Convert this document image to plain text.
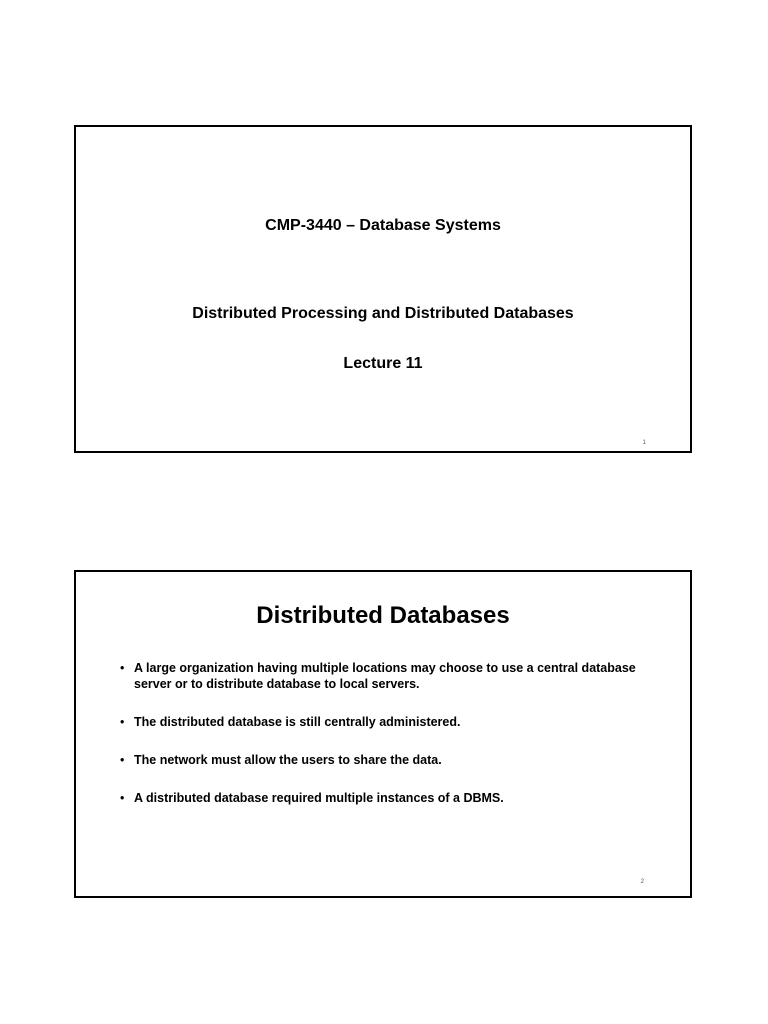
CMP-3440 – Database Systems
Distributed Processing and Distributed Databases
Lecture 11
1
Distributed Databases
• A large organization having multiple locations may choose to use a central database server or to distribute database to local servers.
• The distributed database is still centrally administered.
• The network must allow the users to share the data.
• A distributed database required multiple instances of a DBMS.
2
